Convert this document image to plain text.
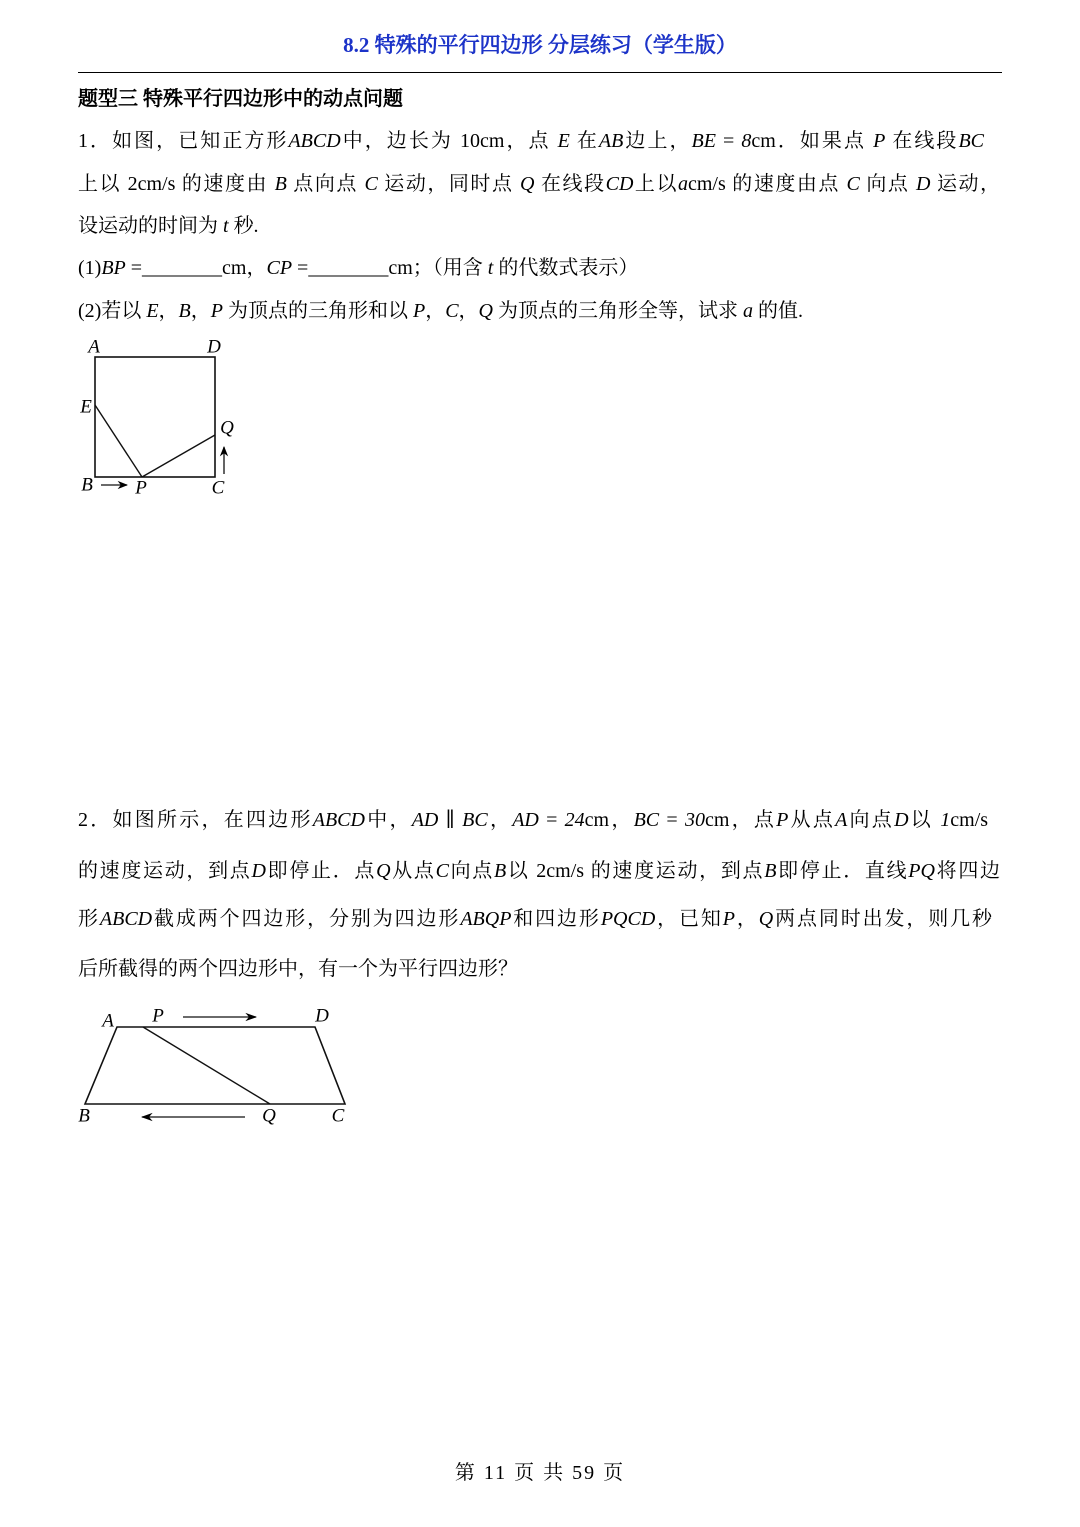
8.2 特殊的平行四边形 分层练习（学生版）
题型三 特殊平行四边形中的动点问题
1．如图，已知正方形ABCD中，边长为 10cm，点 E 在AB边上，BE = 8cm．如果点 P 在线段BC
上以 2cm/s 的速度由 B 点向点 C 运动，同时点 Q 在线段CD上以acm/s 的速度由点 C 向点 D 运动，
设运动的时间为 t 秒.
(1)BP =________cm，CP =________cm；（用含 t 的代数式表示）
(2)若以 E，B，P 为顶点的三角形和以 P，C，Q 为顶点的三角形全等，试求 a 的值.
A	D
E
Q
B P	C
2．如图所示，在四边形ABCD中，AD ∥ BC，AD = 24cm，BC = 30cm，点P从点A向点D以 1cm/s
的速度运动，到点D即停止．点Q从点C向点B以 2cm/s 的速度运动，到点B即停止．直线PQ将四边
形ABCD截成两个四边形，分别为四边形ABQP和四边形PQCD，已知P，Q两点同时出发，则几秒
后所截得的两个四边形中，有一个为平行四边形？
A P	D
B	Q	C
第 11 页 共 59 页
